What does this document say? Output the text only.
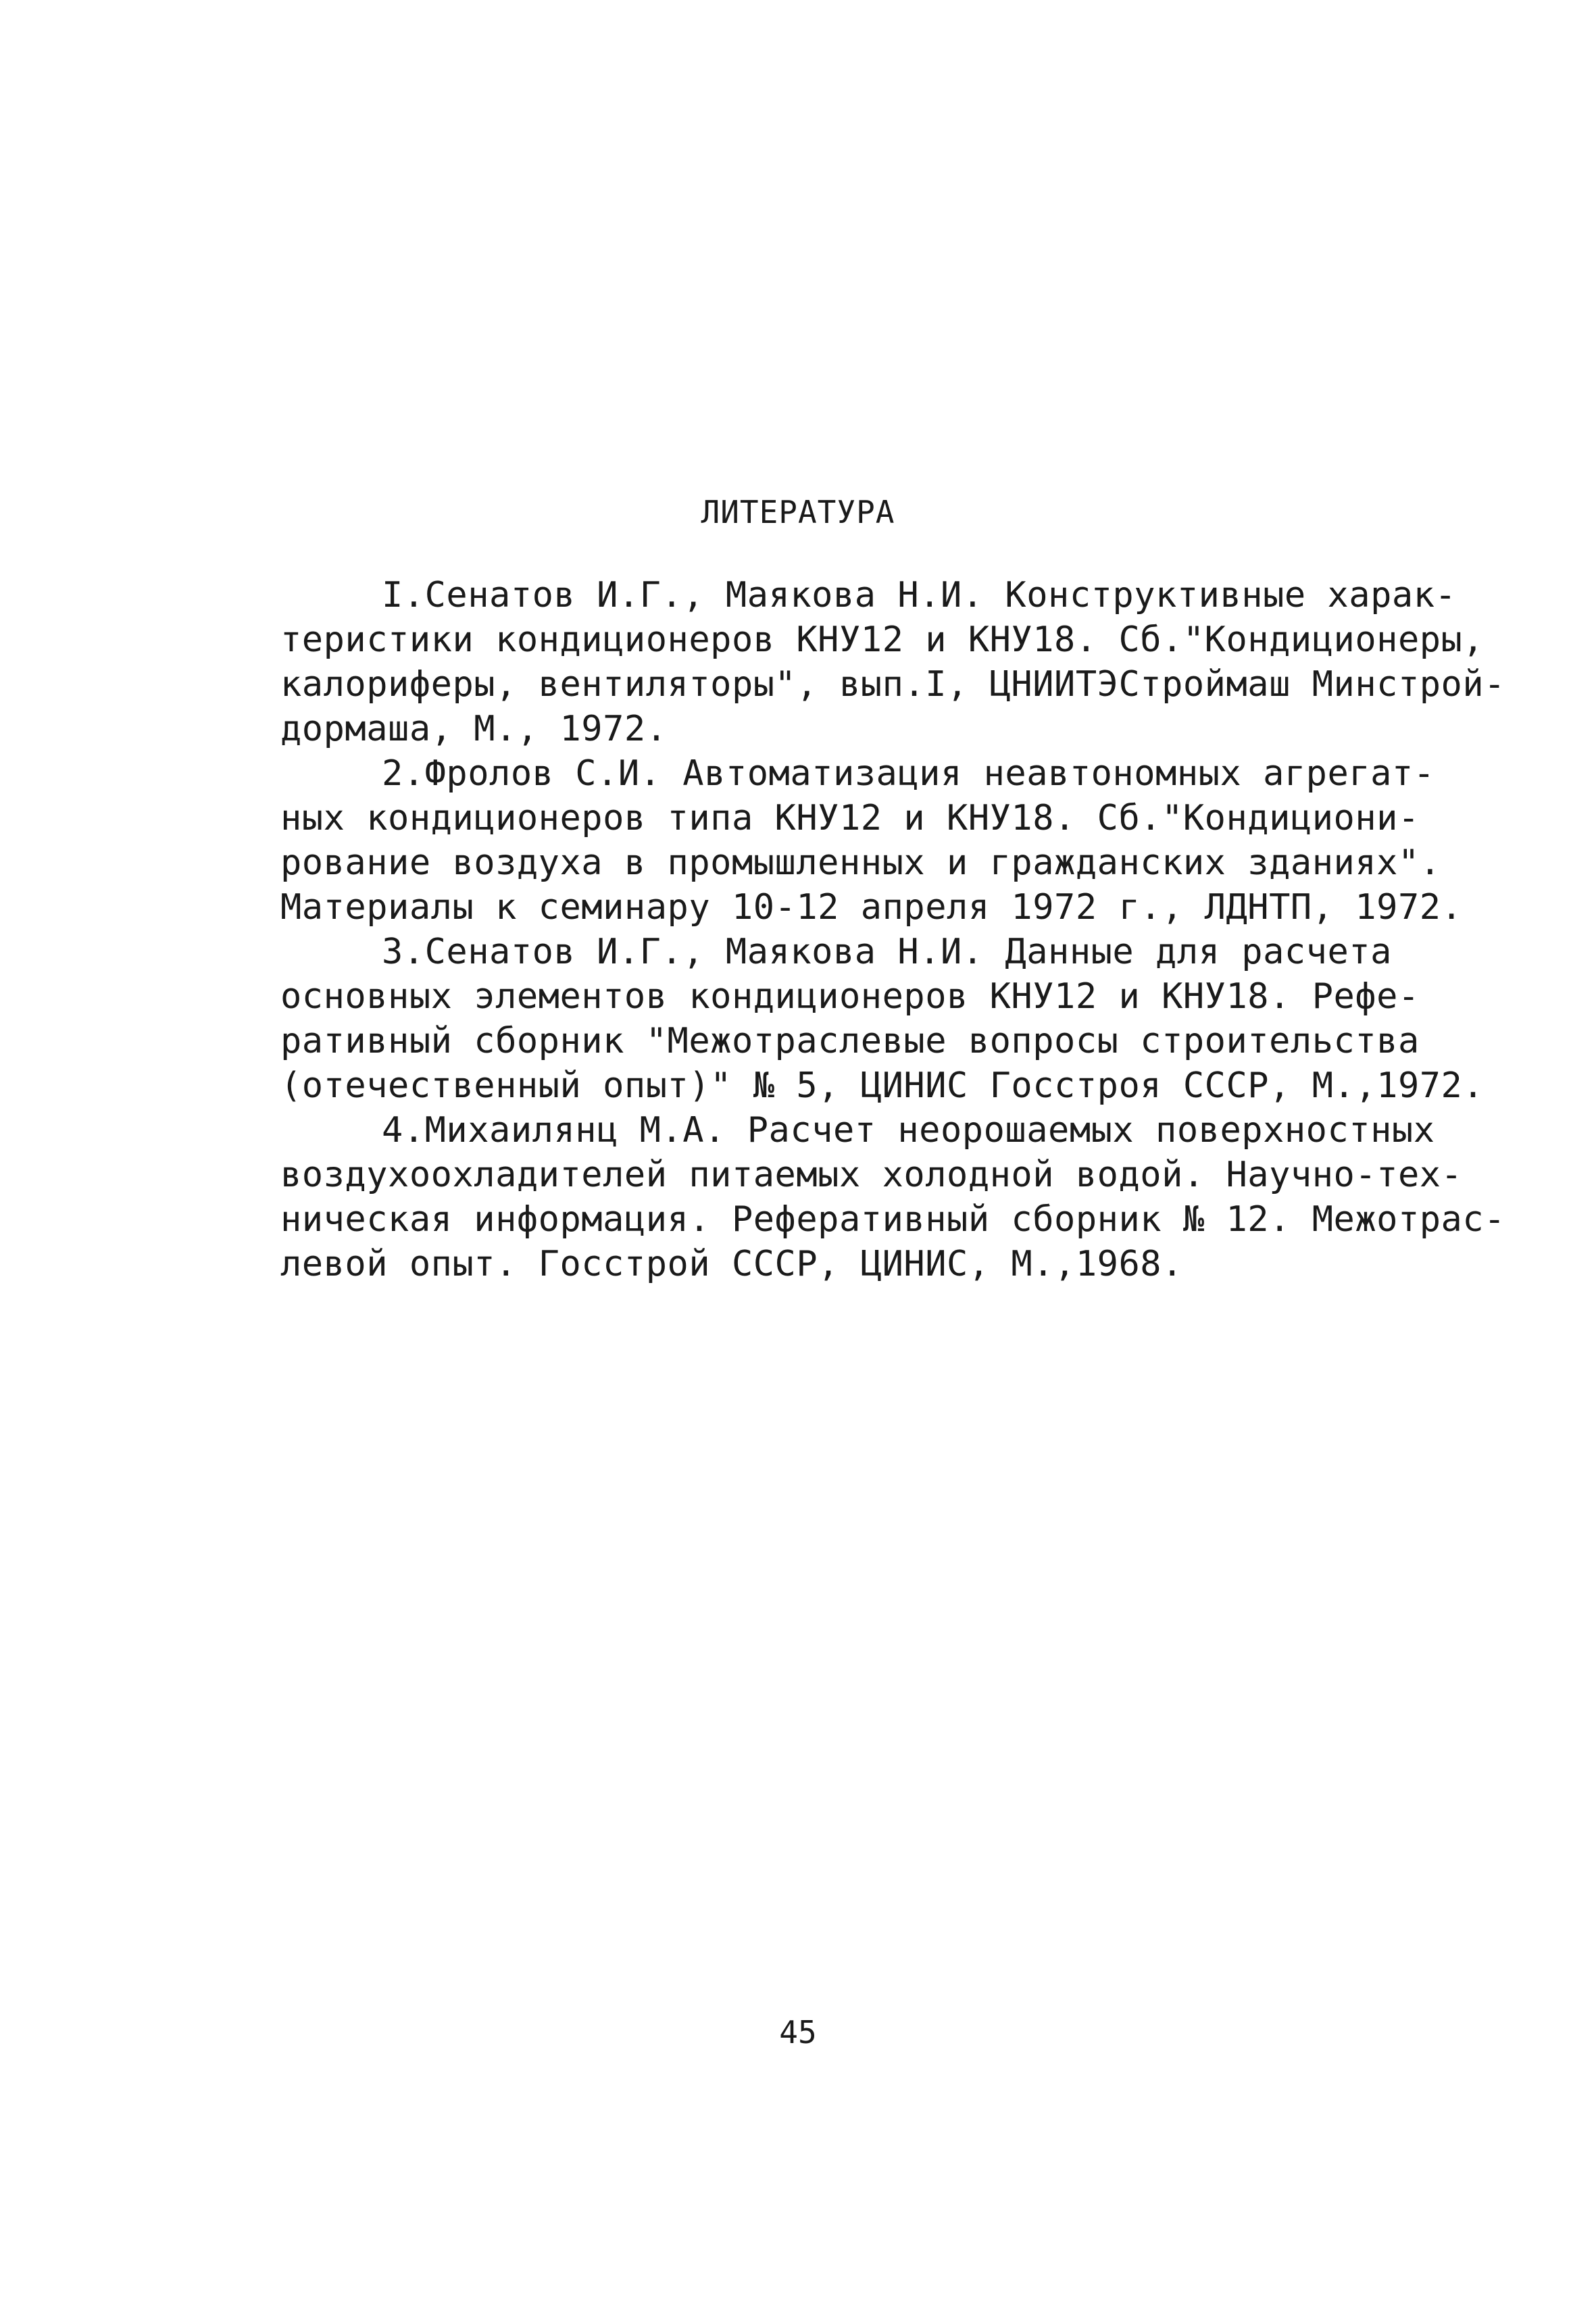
ЛИТЕРАТУРА
I.Сенатов И.Г., Маякова Н.И. Конструктивные харак-
теристики кондиционеров КНУ12 и КНУ18. Сб."Кондиционеры,
калориферы, вентиляторы", вып.I, ЦНИИТЭСтроймаш Минстрой-
дормаша, М., 1972.
2.Фролов С.И. Автоматизация неавтономных агрегат-
ных кондиционеров типа КНУ12 и КНУ18. Сб."Кондициони-
рование воздуха в промышленных и гражданских зданиях".
Материалы к семинару 10-12 апреля 1972 г., ЛДНТП, 1972.
3.Сенатов И.Г., Маякова Н.И. Данные для расчета
основных элементов кондиционеров КНУ12 и КНУ18. Рефе-
ративный сборник "Межотраслевые вопросы строительства
(отечественный опыт)" № 5, ЦИНИС Госстроя СССР, М.,1972.
4.Михаилянц М.А. Расчет неорошаемых поверхностных
воздухоохладителей питаемых холодной водой. Научно-тех-
ническая информация. Реферативный сборник № 12. Межотрас-
левой опыт. Госстрой СССР, ЦИНИС, М.,1968.
45
